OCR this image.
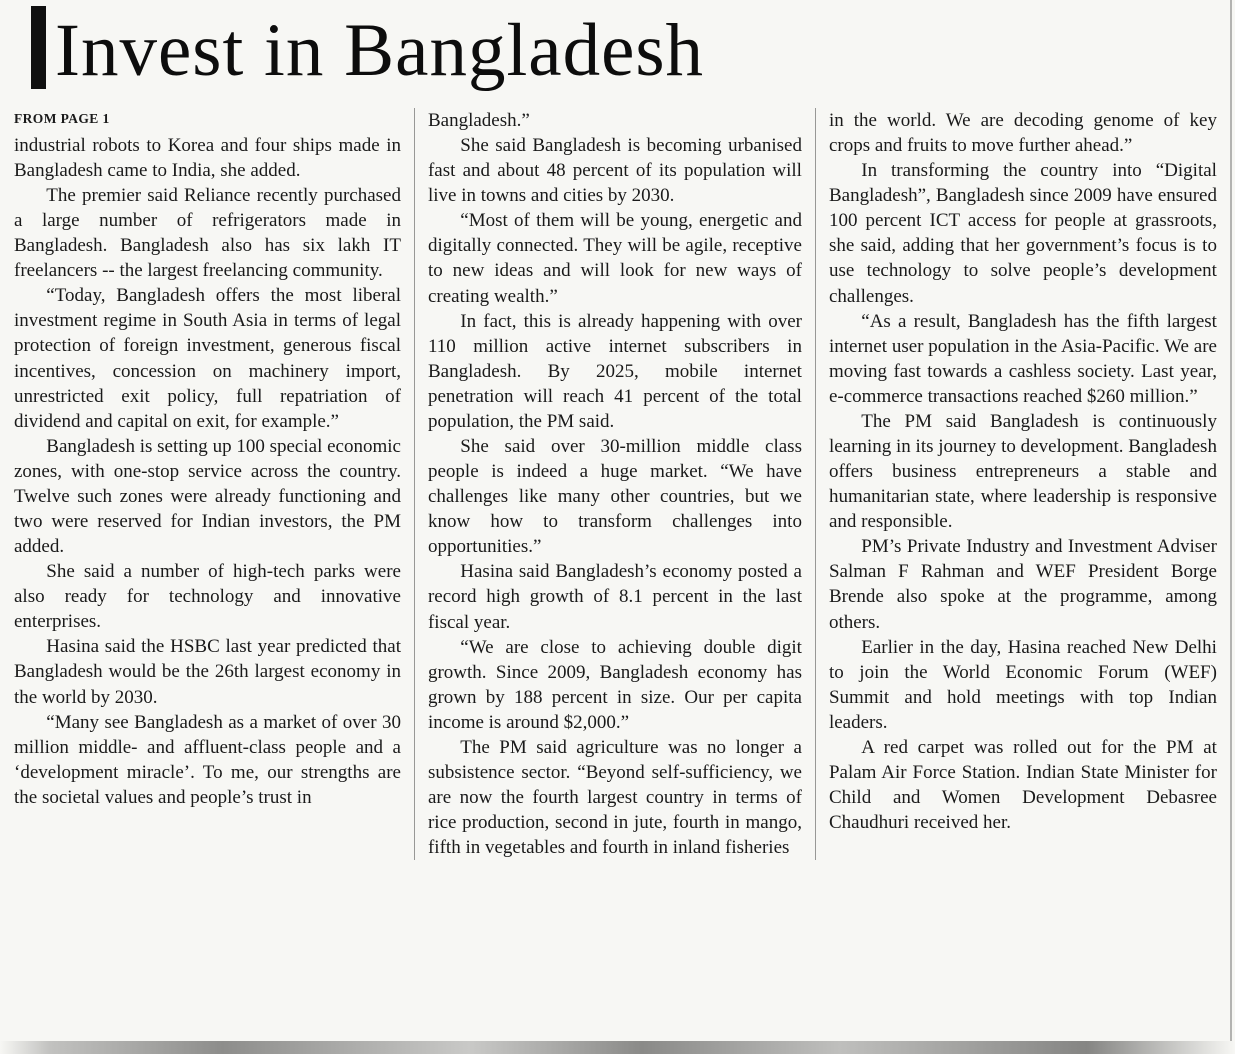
Invest in Bangladesh
FROM PAGE 1

industrial robots to Korea and four ships made in Bangladesh came to India, she added.

The premier said Reliance recently purchased a large number of refrigerators made in Bangladesh. Bangladesh also has six lakh IT freelancers -- the largest freelancing community.

“Today, Bangladesh offers the most liberal investment regime in South Asia in terms of legal protection of foreign investment, generous fiscal incentives, concession on machinery import, unrestricted exit policy, full repatriation of dividend and capital on exit, for example.”

Bangladesh is setting up 100 special economic zones, with one-stop service across the country. Twelve such zones were already functioning and two were reserved for Indian investors, the PM added.

She said a number of high-tech parks were also ready for technology and innovative enterprises.

Hasina said the HSBC last year predicted that Bangladesh would be the 26th largest economy in the world by 2030.

“Many see Bangladesh as a market of over 30 million middle- and affluent-class people and a ‘development miracle’. To me, our strengths are the societal values and people’s trust in

Bangladesh.”

She said Bangladesh is becoming urbanised fast and about 48 percent of its population will live in towns and cities by 2030.

“Most of them will be young, energetic and digitally connected. They will be agile, receptive to new ideas and will look for new ways of creating wealth.”

In fact, this is already happening with over 110 million active internet subscribers in Bangladesh. By 2025, mobile internet penetration will reach 41 percent of the total population, the PM said.

She said over 30-million middle class people is indeed a huge market. “We have challenges like many other countries, but we know how to transform challenges into opportunities.”

Hasina said Bangladesh’s economy posted a record high growth of 8.1 percent in the last fiscal year.

“We are close to achieving double digit growth. Since 2009, Bangladesh economy has grown by 188 percent in size. Our per capita income is around $2,000.”

The PM said agriculture was no longer a subsistence sector. “Beyond self-sufficiency, we are now the fourth largest country in terms of rice production, second in jute, fourth in mango, fifth in vegetables and fourth in inland fisheries

in the world. We are decoding genome of key crops and fruits to move further ahead.”

In transforming the country into “Digital Bangladesh”, Bangladesh since 2009 have ensured 100 percent ICT access for people at grassroots, she said, adding that her government’s focus is to use technology to solve people’s development challenges.

“As a result, Bangladesh has the fifth largest internet user population in the Asia-Pacific. We are moving fast towards a cashless society. Last year, e-commerce transactions reached $260 million.”

The PM said Bangladesh is continuously learning in its journey to development. Bangladesh offers business entrepreneurs a stable and humanitarian state, where leadership is responsive and responsible.

PM’s Private Industry and Investment Adviser Salman F Rahman and WEF President Borge Brende also spoke at the programme, among others.

Earlier in the day, Hasina reached New Delhi to join the World Economic Forum (WEF) Summit and hold meetings with top Indian leaders.

A red carpet was rolled out for the PM at Palam Air Force Station. Indian State Minister for Child and Women Development Debasree Chaudhuri received her.
